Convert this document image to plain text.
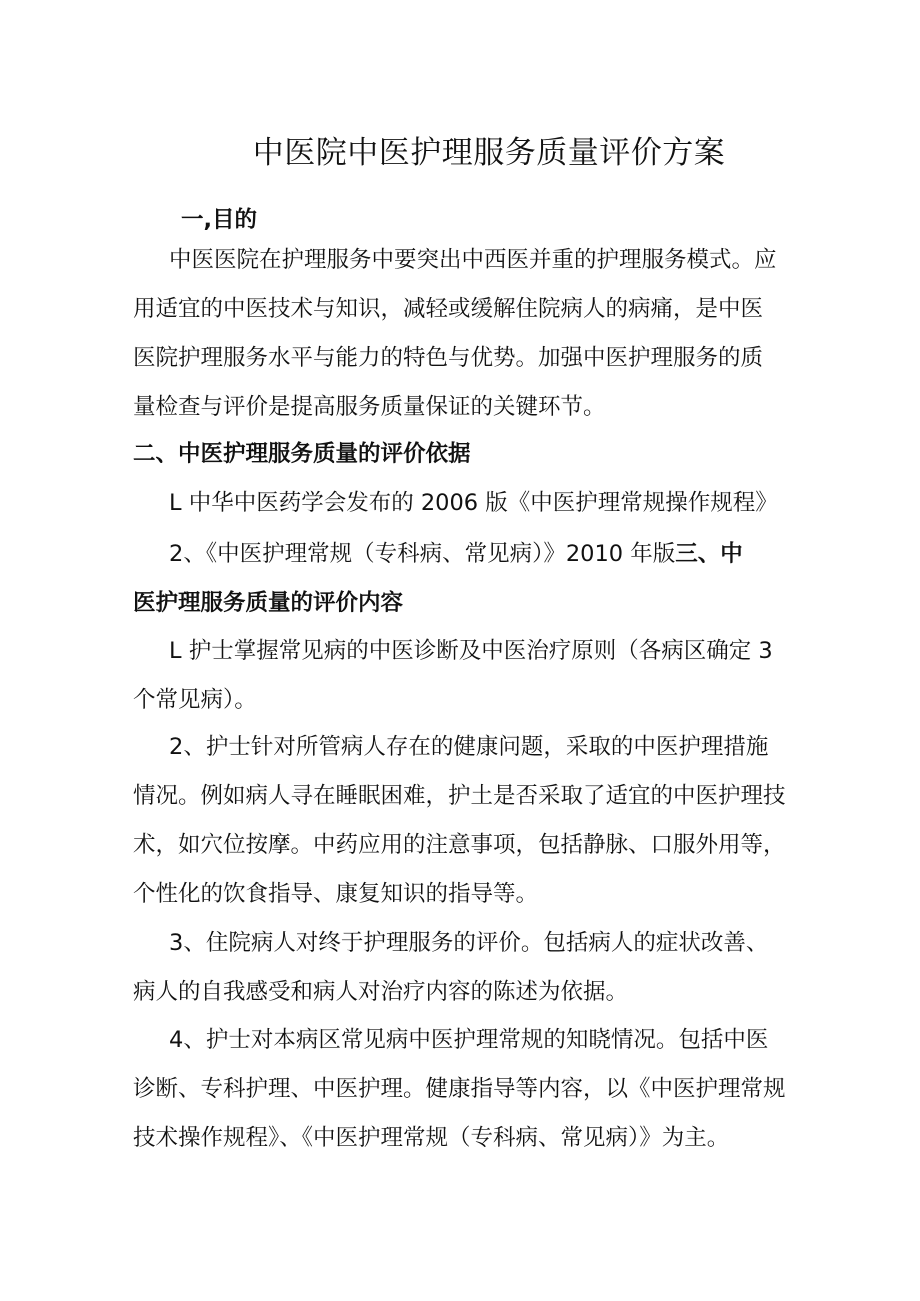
中医院中医护理服务质量评价方案

一,目的

中医医院在护理服务中要突出中西医并重的护理服务模式。应
用适宜的中医技术与知识，减轻或缓解住院病人的病痛，是中医
医院护理服务水平与能力的特色与优势。加强中医护理服务的质
量检查与评价是提高服务质量保证的关键环节。

二、中医护理服务质量的评价依据

L 中华中医药学会发布的 2006 版《中医护理常规操作规程》

2、《中医护理常规（专科病、常见病）》2010 年版三、中
医护理服务质量的评价内容

L 护士掌握常见病的中医诊断及中医治疗原则（各病区确定 3
个常见病）。

2、护士针对所管病人存在的健康问题，采取的中医护理措施
情况。例如病人寻在睡眠困难，护土是否采取了适宜的中医护理技
术，如穴位按摩。中药应用的注意事项，包括静脉、口服外用等，
个性化的饮食指导、康复知识的指导等。

3、住院病人对终于护理服务的评价。包括病人的症状改善、
病人的自我感受和病人对治疗内容的陈述为依据。

4、护士对本病区常见病中医护理常规的知晓情况。包括中医
诊断、专科护理、中医护理。健康指导等内容，以《中医护理常规
技术操作规程》、《中医护理常规（专科病、常见病）》为主。
